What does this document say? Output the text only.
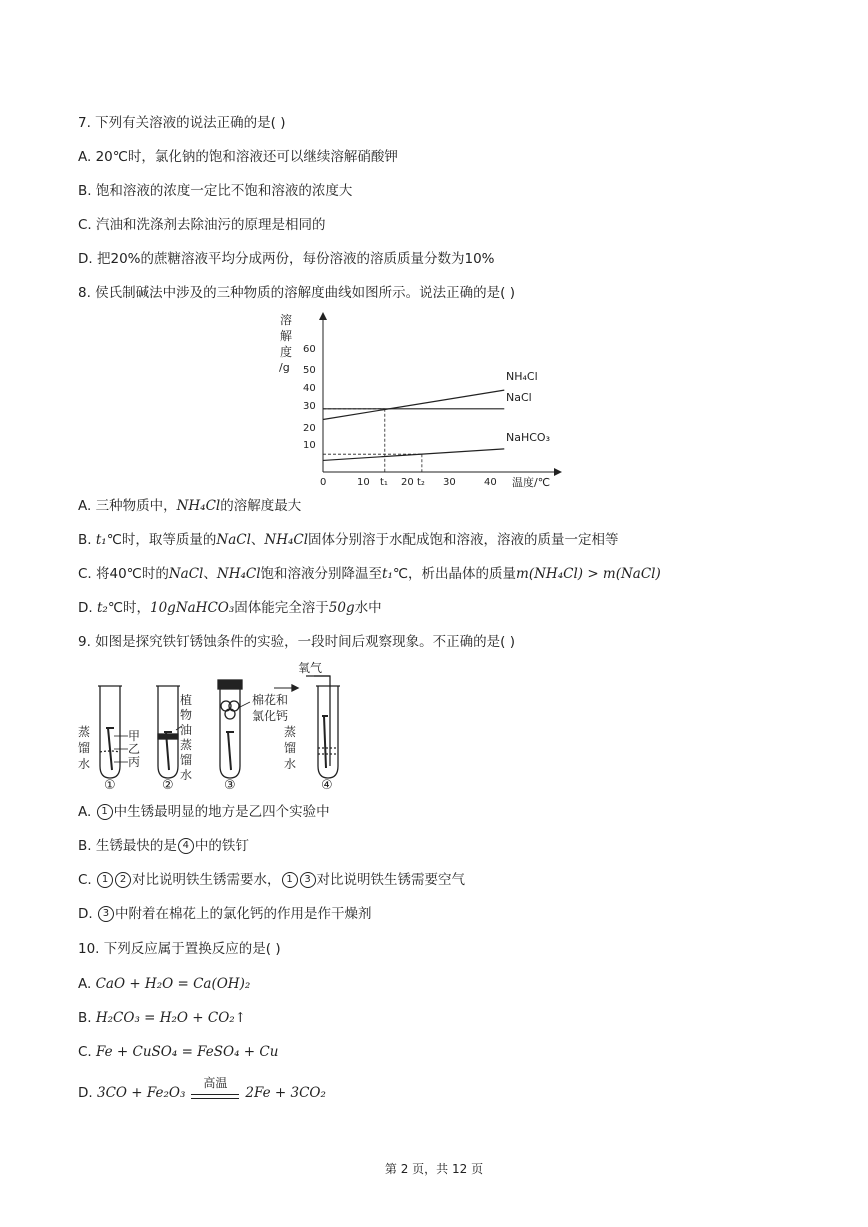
7. 下列有关溶液的说法正确的是( )
A. 20℃时，氯化钠的饱和溶液还可以继续溶解硝酸钾
B. 饱和溶液的浓度一定比不饱和溶液的浓度大
C. 汽油和洗涤剂去除油污的原理是相同的
D. 把20%的蔗糖溶液平均分成两份，每份溶液的溶质质量分数为10%
8. 侯氏制碱法中涉及的三种物质的溶解度曲线如图所示。说法正确的是( )
溶
解
度
/g
10
20
30
40
50
60
0	10 t₁ 20 t₂ 30	40 温度/℃
NH₄Cl
NaCl
NaHCO₃
A. 三种物质中，NH₄Cl的溶解度最大
B. t₁℃时，取等质量的NaCl、NH₄Cl固体分别溶于水配成饱和溶液，溶液的质量一定相等
C. 将40℃时的NaCl、NH₄Cl饱和溶液分别降温至t₁℃，析出晶体的质量m(NH₄Cl) > m(NaCl)
D. t₂℃时，10gNaHCO₃固体能完全溶于50g水中
9. 如图是探究铁钉锈蚀条件的实验，一段时间后观察现象。不正确的是( )
氧气
棉花和
氯化钙
蒸
馏
水
甲
乙
丙
植
物
油
蒸
馏
水
蒸
馏
水
①	②	③	④
A. 1 中生锈最明显的地方是乙四个实验中
B. 生锈最快的是 4 中的铁钉
C. 1 2 对比说明铁生锈需要水， 1 3 对比说明铁生锈需要空气
D. 3 中附着在棉花上的氯化钙的作用是作干燥剂
10. 下列反应属于置换反应的是( )
A. CaO + H₂O = Ca(OH)₂
B. H₂CO₃ = H₂O + CO₂↑
C. Fe + CuSO₄ = FeSO₄ + Cu
D. 3CO + Fe₂O₃
高温
2Fe + 3CO₂
第 2 页，共 12 页
